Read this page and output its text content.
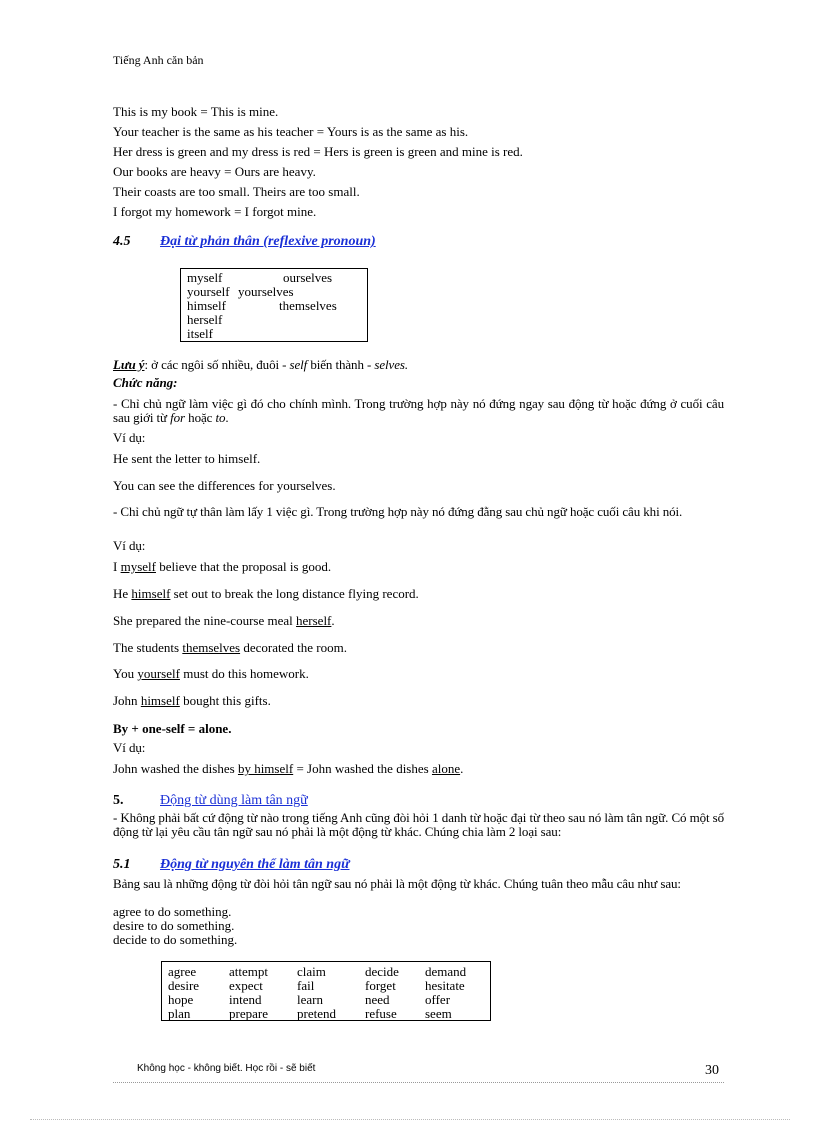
Tiếng Anh căn bản
This is my book = This is mine.
Your teacher is the same as his teacher = Yours is as the same as his.
Her dress is green and my dress is red = Hers is green is green and mine is red.
Our books are heavy = Ours are heavy.
Their coasts are too small. Theirs are too small.
I forgot my homework = I forgot mine.
4.5 Đại từ phản thân (reflexive pronoun)
myself	ourselves
yourself yourselves
himself	themselves
herself
itself
Lưu ý: ở các ngôi số nhiều, đuôi - self biến thành - selves.
Chức năng:
- Chỉ chủ ngữ làm việc gì đó cho chính mình. Trong trường hợp này nó đứng ngay sau động từ hoặc đứng ở cuối câu sau giới từ for hoặc to.
Ví dụ:
He sent the letter to himself.
You can see the differences for yourselves.
- Chỉ chủ ngữ tự thân làm lấy 1 việc gì. Trong trường hợp này nó đứng đằng sau chủ ngữ hoặc cuối câu khi nói.
Ví dụ:
I myself believe that the proposal is good.
He himself set out to break the long distance flying record.
She prepared the nine-course meal herself.
The students themselves decorated the room.
You yourself must do this homework.
John himself bought this gifts.
By + one-self = alone.
Ví dụ:
John washed the dishes by himself = John washed the dishes alone.
5.	Động từ dùng làm tân ngữ
- Không phải bất cứ động từ nào trong tiếng Anh cũng đòi hỏi 1 danh từ hoặc đại từ theo sau nó làm tân ngữ. Có một số động từ lại yêu cầu tân ngữ sau nó phải là một động từ khác. Chúng chia làm 2 loại sau:
5.1 Động từ nguyên thể làm tân ngữ
Bảng sau là những động từ đòi hỏi tân ngữ sau nó phải là một động từ khác. Chúng tuân theo mẫu câu như sau:
agree to do something.
desire to do something.
decide to do something.
agree	attempt claim	decide demand
desire expect	fail	forget hesitate
hope	intend	learn	need	offer
plan	prepare pretend refuse seem
Không học - không biết. Học rồi - sẽ biết	30
